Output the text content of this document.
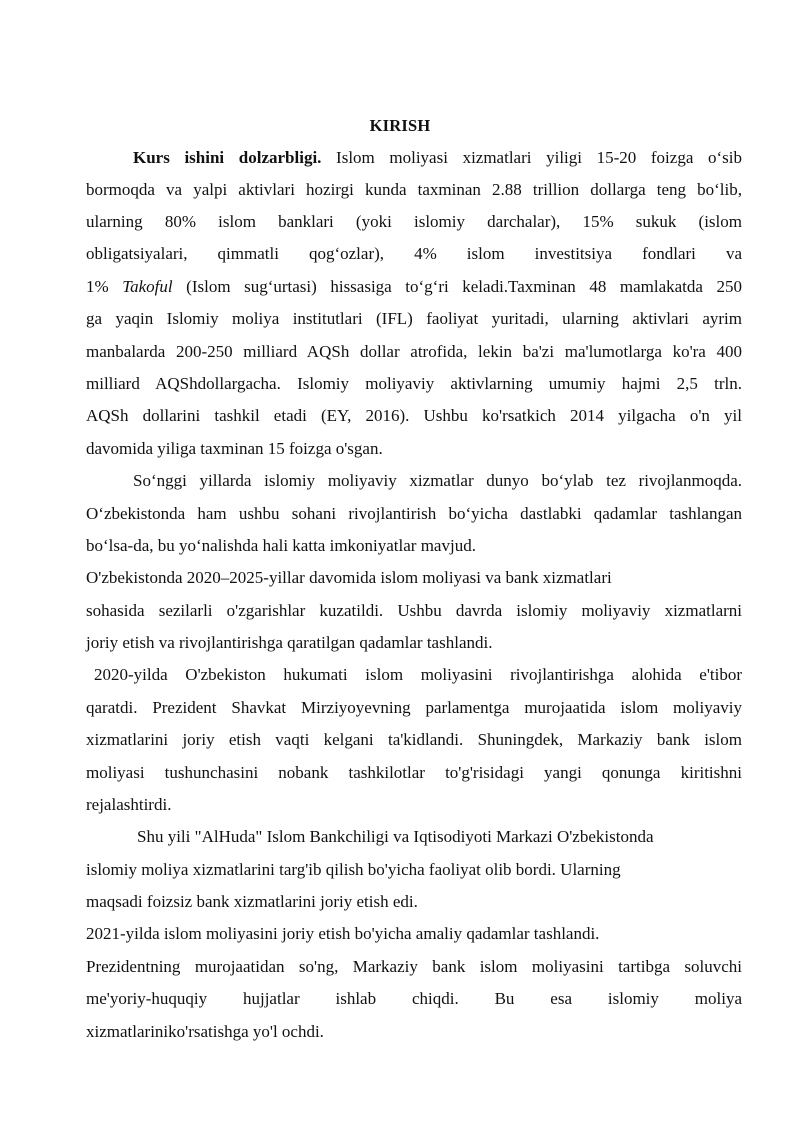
KIRISH
Kurs ishini dolzarbligi. Islom moliyasi xizmatlari yiligi 15-20 foizga o‘sib
bormoqda va yalpi aktivlari hozirgi kunda taxminan 2.88 trillion dollarga teng bo‘lib,
ularning 80% islom banklari (yoki islomiy darchalar), 15% sukuk (islom
obligatsiyalari, qimmatli qog‘ozlar), 4% islom investitsiya fondlari va
1% Takoful (Islom sug‘urtasi) hissasiga to‘g‘ri keladi.Taxminan 48 mamlakatda 250
ga yaqin Islomiy moliya institutlari (IFL) faoliyat yuritadi, ularning aktivlari ayrim
manbalarda 200-250 milliard AQSh dollar atrofida, lekin ba'zi ma'lumotlarga ko'ra 400
milliard AQShdollargacha. Islomiy moliyaviy aktivlarning umumiy hajmi 2,5 trln.
AQSh dollarini tashkil etadi (EY, 2016). Ushbu ko'rsatkich 2014 yilgacha o'n yil
davomida yiligа taxminan 15 foizga o'sgan.
So‘nggi yillarda islomiy moliyaviy xizmatlar dunyo bo‘ylab tez rivojlanmoqda.
O‘zbekistonda ham ushbu sohani rivojlantirish bo‘yicha dastlabki qadamlar tashlangan
bo‘lsa-da, bu yo‘nalishda hali katta imkoniyatlar mavjud.
O'zbekistonda 2020–2025-yillar davomida islom moliyasi va bank xizmatlari
sohasida sezilarli o'zgarishlar kuzatildi. Ushbu davrda islomiy moliyaviy xizmatlarni
joriy etish va rivojlantirishga qaratilgan qadamlar tashlandi.
2020-yilda O'zbekiston hukumati islom moliyasini rivojlantirishga alohida e'tibor
qaratdi. Prezident Shavkat Mirziyoyevning parlamentga murojaatida islom moliyaviy
xizmatlarini joriy etish vaqti kelgani ta'kidlandi. Shuningdek, Markaziy bank islom
moliyasi tushunchasini nobank tashkilotlar to'g'risidagi yangi qonunga kiritishni
rejalashtirdi.
Shu yili "AlHuda" Islom Bankchiligi va Iqtisodiyoti Markazi O'zbekistonda
islomiy moliya xizmatlarini targ'ib qilish bo'yicha faoliyat olib bordi. Ularning
maqsadi foizsiz bank xizmatlarini joriy etish edi.
2021-yilda islom moliyasini joriy etish bo'yicha amaliy qadamlar tashlandi.
Prezidentning murojaatidan so'ng, Markaziy bank islom moliyasini tartibga soluvchi
me'yoriy-huquqiy hujjatlar ishlab chiqdi. Bu esa islomiy moliya
xizmatlariniko'rsatishga yo'l ochdi.
